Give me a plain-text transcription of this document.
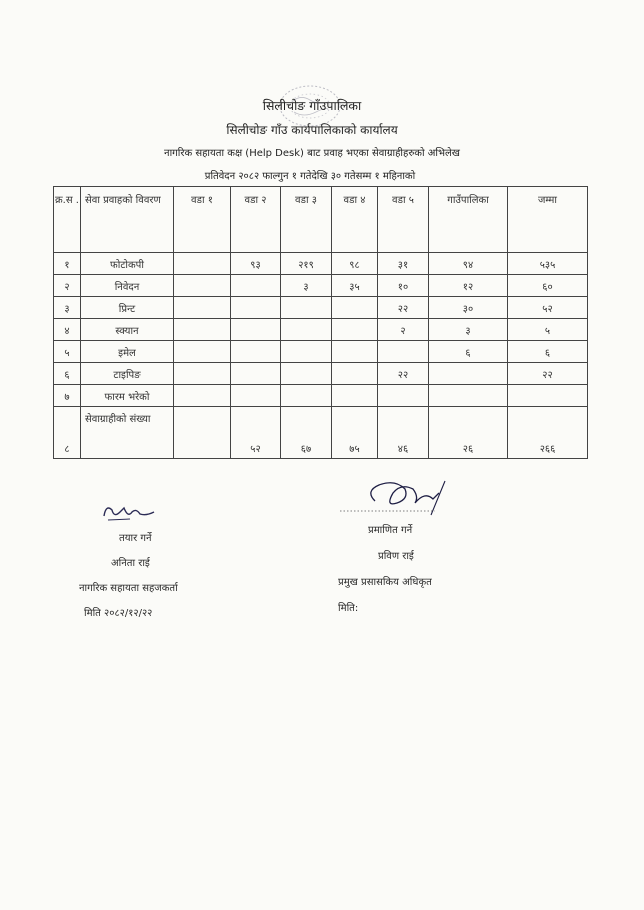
सिलीचोङ गाँउपालिका
सिलीचोङ गाँउ कार्यपालिकाको कार्यालय
नागरिक सहायता कक्ष (Help Desk) बाट प्रवाह भएका सेवाग्राहीहरुको अभिलेख
प्रतिवेदन २०८२ फाल्गुन १ गतेदेखि ३० गतेसम्म १ महिनाको
क्र.स .	सेवा प्रवाहको विवरण	वडा १	वडा २	वडा ३	वडा ४	वडा ५	गाउँपालिका	जम्मा
१	फोटोकपी		९३	२१९	९८	३१	९४	५३५
२	निवेदन			३	३५	१०	१२	६०
३	प्रिन्ट					२२	३०	५२
४	स्क्यान					२	३	५
५	इमेल						६	६
६	टाइपिङ					२२		२२
७	फारम भरेको							
८	सेवाग्राहीको संख्या		५२	६७	७५	४६	२६	२६६
तयार गर्ने
अनिता राई
नागरिक सहायता सहजकर्ता
मिति २०८२/१२/२२
प्रमाणित गर्ने
प्रविण राई
प्रमुख प्रसासकिय अधिकृत
मिति:
